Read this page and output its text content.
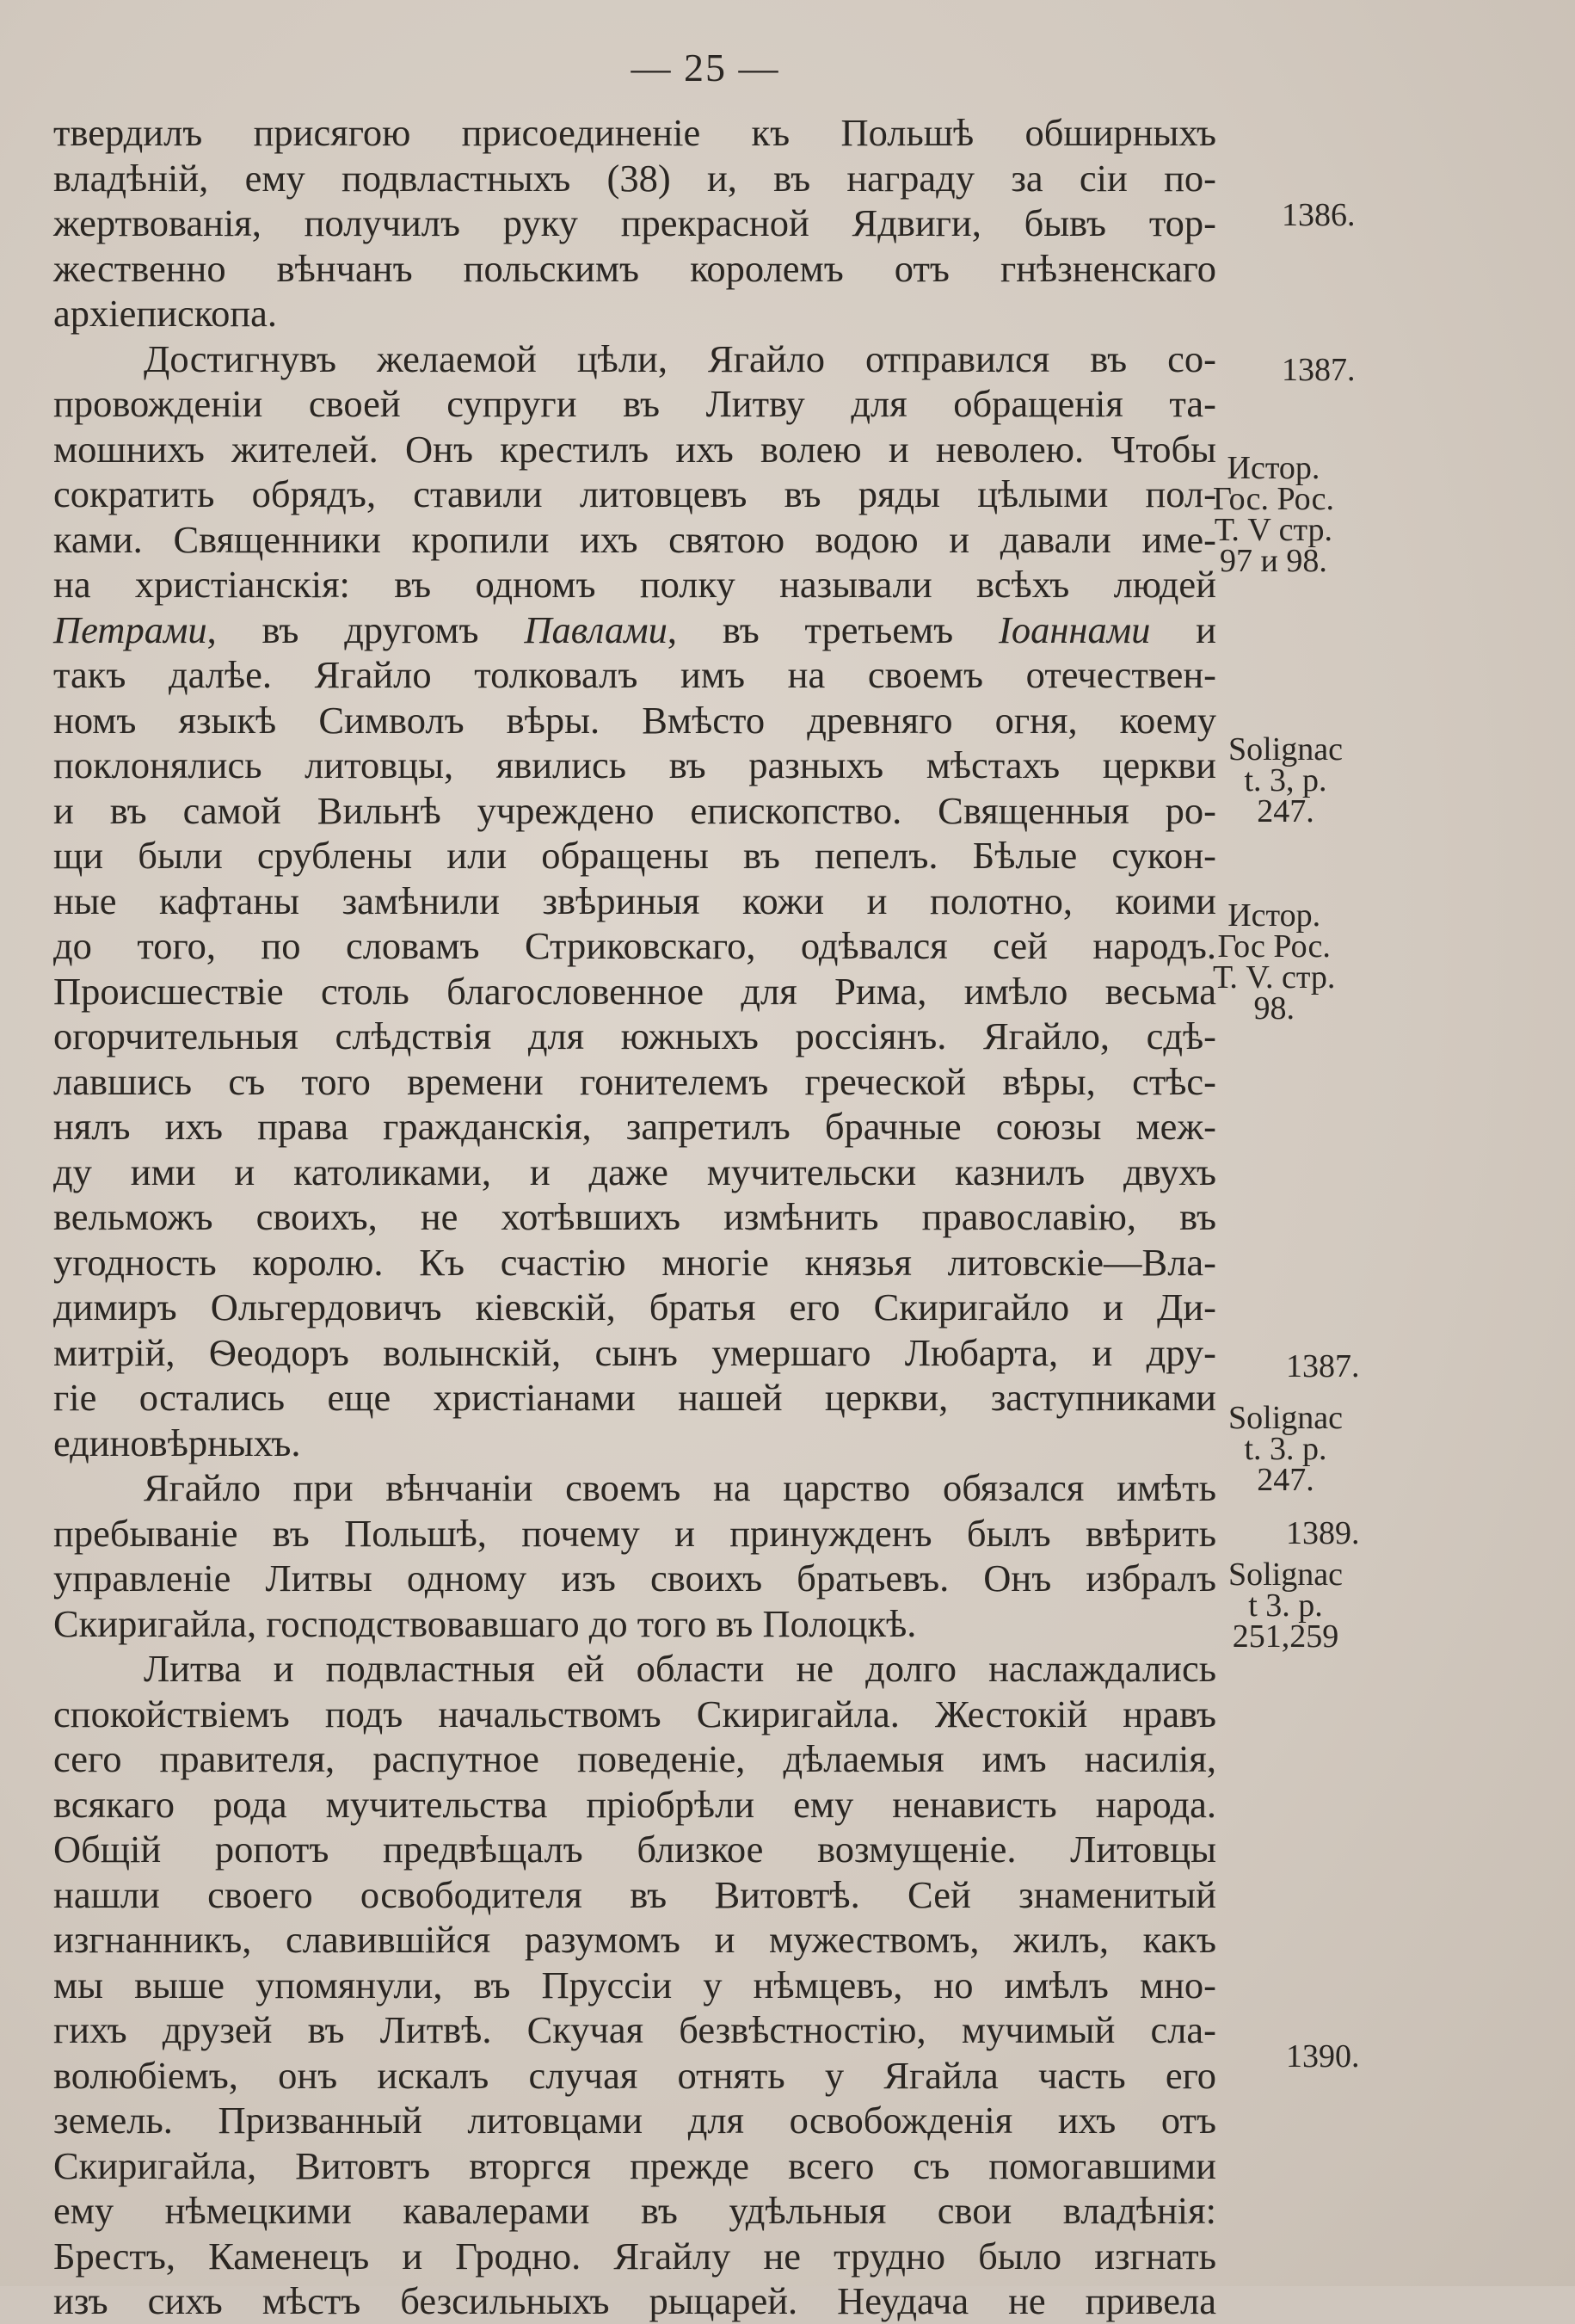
— 25 —

твердилъ присягою присоединеніе къ Польшѣ обширныхъ

владѣній, ему подвластныхъ (38) и, въ награду за сіи по-

жертвованія, получилъ руку прекрасной Ядвиги, бывъ тор-

жественно вѣнчанъ польскимъ королемъ отъ гнѣзненскаго

архіепископа.

Достигнувъ желаемой цѣли, Ягайло отправился въ со-

провожденіи своей супруги въ Литву для обращенія та-

мошнихъ жителей. Онъ крестилъ ихъ волею и неволею. Чтобы

сократить обрядъ, ставили литовцевъ въ ряды цѣлыми пол-

ками. Священники кропили ихъ святою водою и давали име-

на христіанскія: въ одномъ полку называли всѣхъ людей

Петрами, въ другомъ Павлами, въ третьемъ Іоаннами и

такъ далѣе. Ягайло толковалъ имъ на своемъ отечествен-

номъ языкѣ Символъ вѣры. Вмѣсто древняго огня, коему

поклонялись литовцы, явились въ разныхъ мѣстахъ церкви

и въ самой Вильнѣ учреждено епископство. Священныя ро-

щи были срублены или обращены въ пепелъ. Бѣлые сукон-

ные кафтаны замѣнили звѣриныя кожи и полотно, коими

до того, по словамъ Стриковскаго, одѣвался сей народъ.

Происшествіе столь благословенное для Рима, имѣло весьма

огорчительныя слѣдствія для южныхъ россіянъ. Ягайло, сдѣ-

лавшись съ того времени гонителемъ греческой вѣры, стѣс-

нялъ ихъ права гражданскія, запретилъ брачные союзы меж-

ду ими и католиками, и даже мучительски казнилъ двухъ

вельможъ своихъ, не хотѣвшихъ измѣнить православію, въ

угодность королю. Къ счастію многіе князья литовскіе—Вла-

димиръ Ольгердовичъ кіевскій, братья его Скиригайло и Ди-

митрій, Ѳеодоръ волынскій, сынъ умершаго Любарта, и дру-

гіе остались еще христіанами нашей церкви, заступниками

единовѣрныхъ.

Ягайло при вѣнчаніи своемъ на царство обязался имѣть

пребываніе въ Польшѣ, почему и принужденъ былъ ввѣрить

управленіе Литвы одному изъ своихъ братьевъ. Онъ избралъ

Скиригайла, господствовавшаго до того въ Полоцкѣ.

Литва и подвластныя ей области не долго наслаждались

спокойствіемъ подъ начальствомъ Скиригайла. Жестокій нравъ

сего правителя, распутное поведеніе, дѣлаемыя имъ насилія,

всякаго рода мучительства пріобрѣли ему ненависть народа.

Общій ропотъ предвѣщалъ близкое возмущеніе. Литовцы

нашли своего освободителя въ Витовтѣ. Сей знаменитый

изгнанникъ, славившійся разумомъ и мужествомъ, жилъ, какъ

мы выше упомянули, въ Пруссіи у нѣмцевъ, но имѣлъ мно-

гихъ друзей въ Литвѣ. Скучая безвѣстностію, мучимый сла-

волюбіемъ, онъ искалъ случая отнять у Ягайла часть его

земель. Призванный литовцами для освобожденія ихъ отъ

Скиригайла, Витовтъ вторгся прежде всего съ помогавшими

ему нѣмецкими кавалерами въ удѣльныя свои владѣнія:

Брестъ, Каменецъ и Гродно. Ягайлу не трудно было изгнать

изъ сихъ мѣстъ безсильныхъ рыцарей. Неудача не привела

1386.
1387.
Истор.
Гос. Рос.
Т. V стр.
97 и 98.
Solignac
t. 3, p.
247.
Истор.
Гос Рос.
Т. V. стр.
98.
1387.
Solignac
t. 3. p.
247.
1389.
Solignac
t 3. p.
251,259
1390.
